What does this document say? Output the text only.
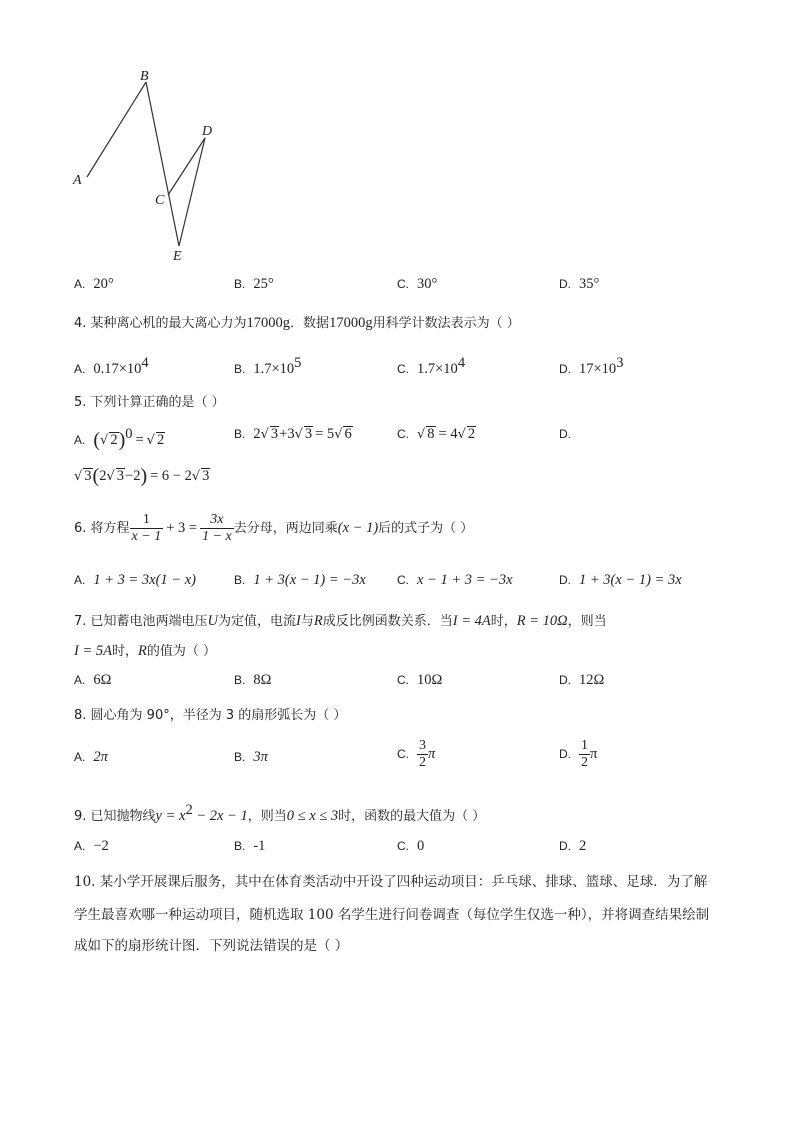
A
B
C
D
E
A. 20°	B. 25°	C. 30°	D. 35°
4. 某种离心机的最大离心力为17000g．数据17000g用科学计数法表示为（ ）
A. $0.17\times 10^4$	B. $1.7\times 10^5$	C. $1.7\times 10^4$	D. $17\times 10^3$
5. 下列计算正确的是（ ）
A. (√ 2)$^0$ = √ 2	B. 2√ 3+3√ 3 = 5√ 6	C. √ 8 = 4√ 2	D.
√ 3(2√ 3−2) = 6 − 2√ 3
6. 将方程 $\frac{1}{x - 1} + 3 = \frac{3x}{1 - x}$ 去分母，两边同乘(x − 1)后的式子为（ ）
A. 1 + 3 = 3x(1 − x)	B. 1 + 3(x − 1) = −3x	C. x − 1 + 3 = −3x	D. 1 + 3(x − 1) = 3x
7. 已知蓄电池两端电压U为定值，电流I与R成反比例函数关系．当I = 4A时，R = 10Ω，则当
I = 5A时，R的值为（ ）
A. 6Ω	B. 8Ω	C. 10Ω	D. 12Ω
8. 圆心角为 90°，半径为 3 的扇形弧长为（ ）
A. 2π	B. 3π	C. $\frac{3}{2}$ π	D. $\frac{1}{2}$ π
9. 已知抛物线$y = x^2 - 2x - 1$，则当0 ≤ x ≤ 3时，函数的最大值为（ ）
A. −2	B. -1	C. 0	D. 2
10. 某小学开展课后服务，其中在体育类活动中开设了四种运动项目：乒乓球、排球、篮球、足球．为了解
学生最喜欢哪一种运动项目，随机选取 100 名学生进行问卷调查（每位学生仅选一种），并将调查结果绘制
成如下的扇形统计图．下列说法错误的是（ ）
